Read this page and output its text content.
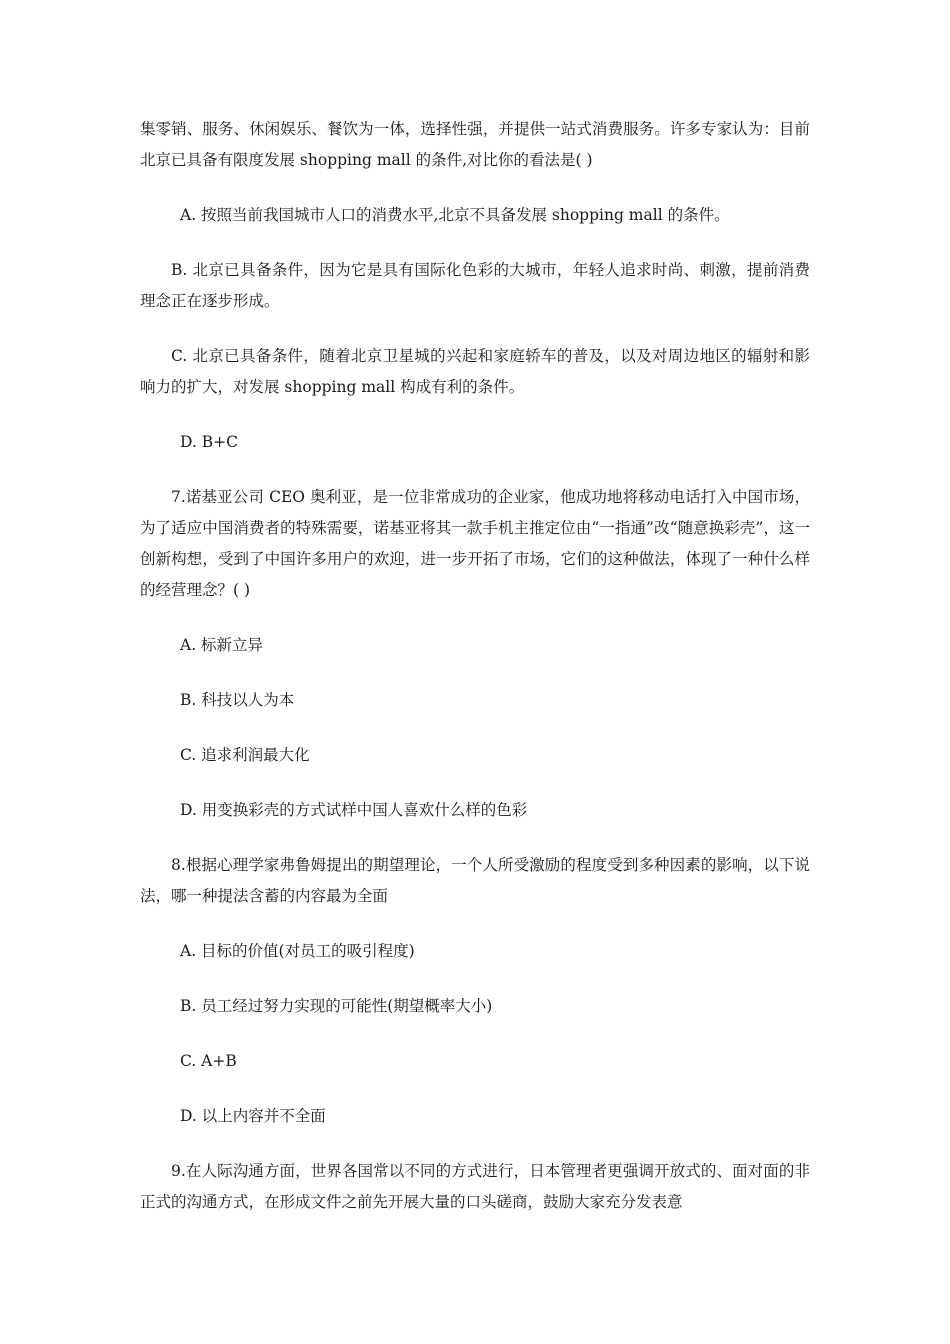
集零销、服务、休闲娱乐、餐饮为一体，选择性强，并提供一站式消费服务。许多专家认为：目前北京已具备有限度发展 shopping mall 的条件,对比你的看法是( )

A. 按照当前我国城市人口的消费水平,北京不具备发展 shopping mall 的条件。

B. 北京已具备条件，因为它是具有国际化色彩的大城市，年轻人追求时尚、刺激，提前消费理念正在逐步形成。

C. 北京已具备条件，随着北京卫星城的兴起和家庭轿车的普及，以及对周边地区的辐射和影响力的扩大，对发展 shopping mall 构成有利的条件。

D. B+C

7.诺基亚公司 CEO 奥利亚，是一位非常成功的企业家，他成功地将移动电话打入中国市场，为了适应中国消费者的特殊需要，诺基亚将其一款手机主推定位由“一指通”改“随意换彩壳”，这一创新构想，受到了中国许多用户的欢迎，进一步开拓了市场，它们的这种做法，体现了一种什么样的经营理念？( )

A. 标新立异

B. 科技以人为本

C. 追求利润最大化

D. 用变换彩壳的方式试样中国人喜欢什么样的色彩

8.根据心理学家弗鲁姆提出的期望理论，一个人所受激励的程度受到多种因素的影响，以下说法，哪一种提法含蓄的内容最为全面

A. 目标的价值(对员工的吸引程度)

B. 员工经过努力实现的可能性(期望概率大小)

C. A+B

D. 以上内容并不全面

9.在人际沟通方面，世界各国常以不同的方式进行，日本管理者更强调开放式的、面对面的非正式的沟通方式，在形成文件之前先开展大量的口头磋商，鼓励大家充分发表意
